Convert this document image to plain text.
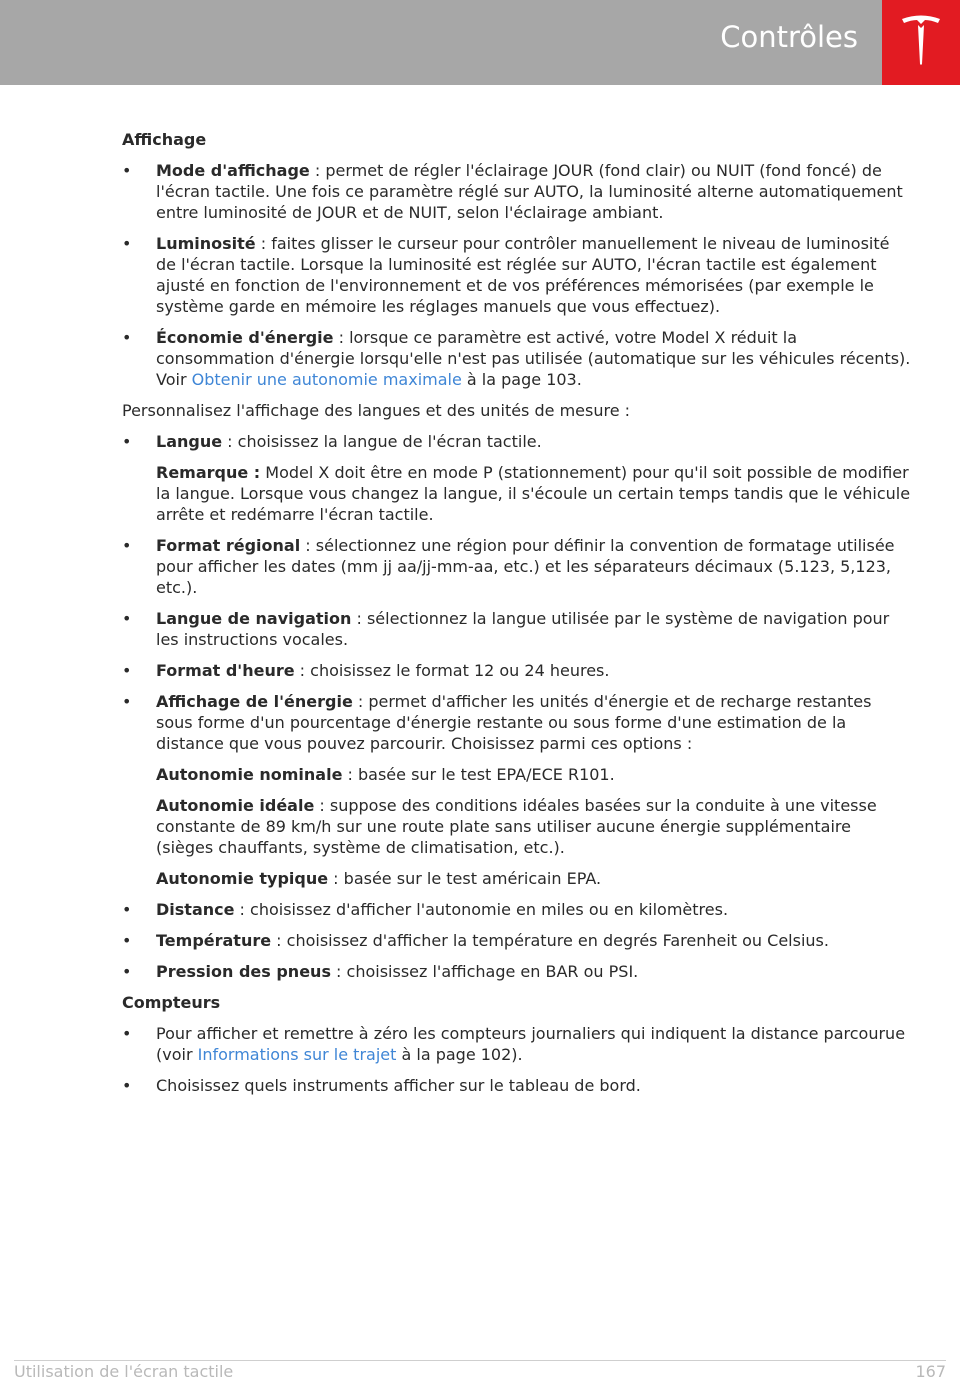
Contrôles

Affichage

• Mode d'affichage : permet de régler l'éclairage JOUR (fond clair) ou NUIT (fond foncé) de l'écran tactile. Une fois ce paramètre réglé sur AUTO, la luminosité alterne automatiquement entre luminosité de JOUR et de NUIT, selon l'éclairage ambiant.
• Luminosité : faites glisser le curseur pour contrôler manuellement le niveau de luminosité de l'écran tactile. Lorsque la luminosité est réglée sur AUTO, l'écran tactile est également ajusté en fonction de l'environnement et de vos préférences mémorisées (par exemple le système garde en mémoire les réglages manuels que vous effectuez).
• Économie d'énergie : lorsque ce paramètre est activé, votre Model X réduit la consommation d'énergie lorsqu'elle n'est pas utilisée (automatique sur les véhicules récents). Voir Obtenir une autonomie maximale à la page 103.

Personnalisez l'affichage des langues et des unités de mesure :

• Langue : choisissez la langue de l'écran tactile.
Remarque : Model X doit être en mode P (stationnement) pour qu'il soit possible de modifier la langue. Lorsque vous changez la langue, il s'écoule un certain temps tandis que le véhicule arrête et redémarre l'écran tactile.
• Format régional : sélectionnez une région pour définir la convention de formatage utilisée pour afficher les dates (mm jj aa/jj-mm-aa, etc.) et les séparateurs décimaux (5.123, 5,123, etc.).
• Langue de navigation : sélectionnez la langue utilisée par le système de navigation pour les instructions vocales.
• Format d'heure : choisissez le format 12 ou 24 heures.
• Affichage de l'énergie : permet d'afficher les unités d'énergie et de recharge restantes sous forme d'un pourcentage d'énergie restante ou sous forme d'une estimation de la distance que vous pouvez parcourir. Choisissez parmi ces options :
Autonomie nominale : basée sur le test EPA/ECE R101.
Autonomie idéale : suppose des conditions idéales basées sur la conduite à une vitesse constante de 89 km/h sur une route plate sans utiliser aucune énergie supplémentaire (sièges chauffants, système de climatisation, etc.).
Autonomie typique : basée sur le test américain EPA.
• Distance : choisissez d'afficher l'autonomie en miles ou en kilomètres.
• Température : choisissez d'afficher la température en degrés Farenheit ou Celsius.
• Pression des pneus : choisissez l'affichage en BAR ou PSI.

Compteurs

• Pour afficher et remettre à zéro les compteurs journaliers qui indiquent la distance parcourue (voir Informations sur le trajet à la page 102).
• Choisissez quels instruments afficher sur le tableau de bord.
Utilisation de l'écran tactile	167
